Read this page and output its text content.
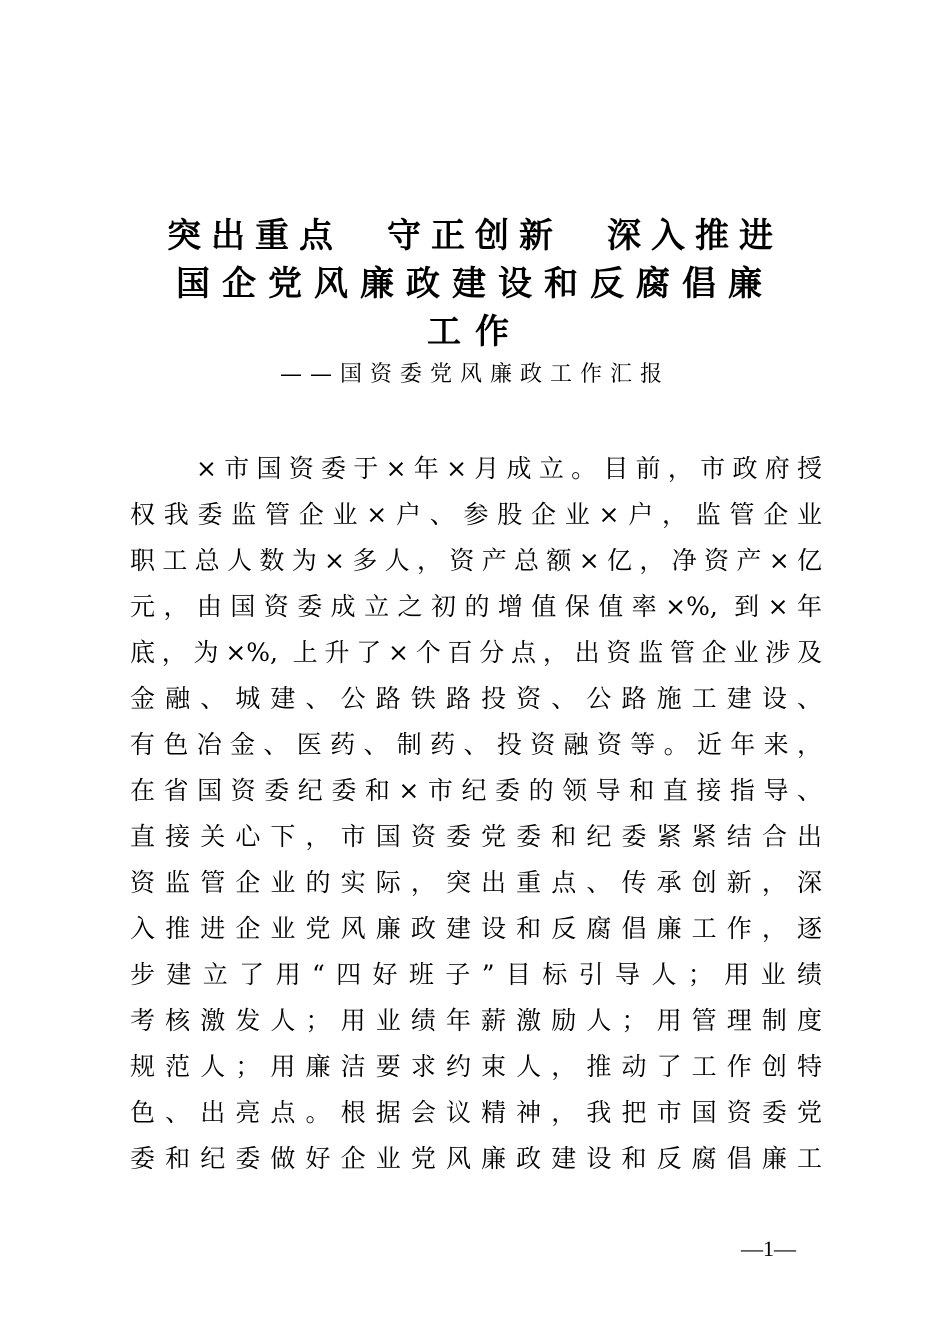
突出重点　守正创新　深入推进
国企党风廉政建设和反腐倡廉
工作
——国资委党风廉政工作汇报
×市国资委于×年×月成立。目前，市政府授
权我委监管企业×户、参股企业×户，监管企业
职工总人数为×多人，资产总额×亿，净资产×亿
元，由国资委成立之初的增值保值率×%, 到×年
底，为×%, 上升了×个百分点，出资监管企业涉及
金融、城建、公路铁路投资、公路施工建设、
有色冶金、医药、制药、投资融资等。近年来，
在省国资委纪委和×市纪委的领导和直接指导、
直接关心下，市国资委党委和纪委紧紧结合出
资监管企业的实际，突出重点、传承创新，深
入推进企业党风廉政建设和反腐倡廉工作，逐
步建立了用“四好班子”目标引导人；用业绩
考核激发人；用业绩年薪激励人；用管理制度
规范人；用廉洁要求约束人，推动了工作创特
色、出亮点。根据会议精神，我把市国资委党
委和纪委做好企业党风廉政建设和反腐倡廉工
—1—
